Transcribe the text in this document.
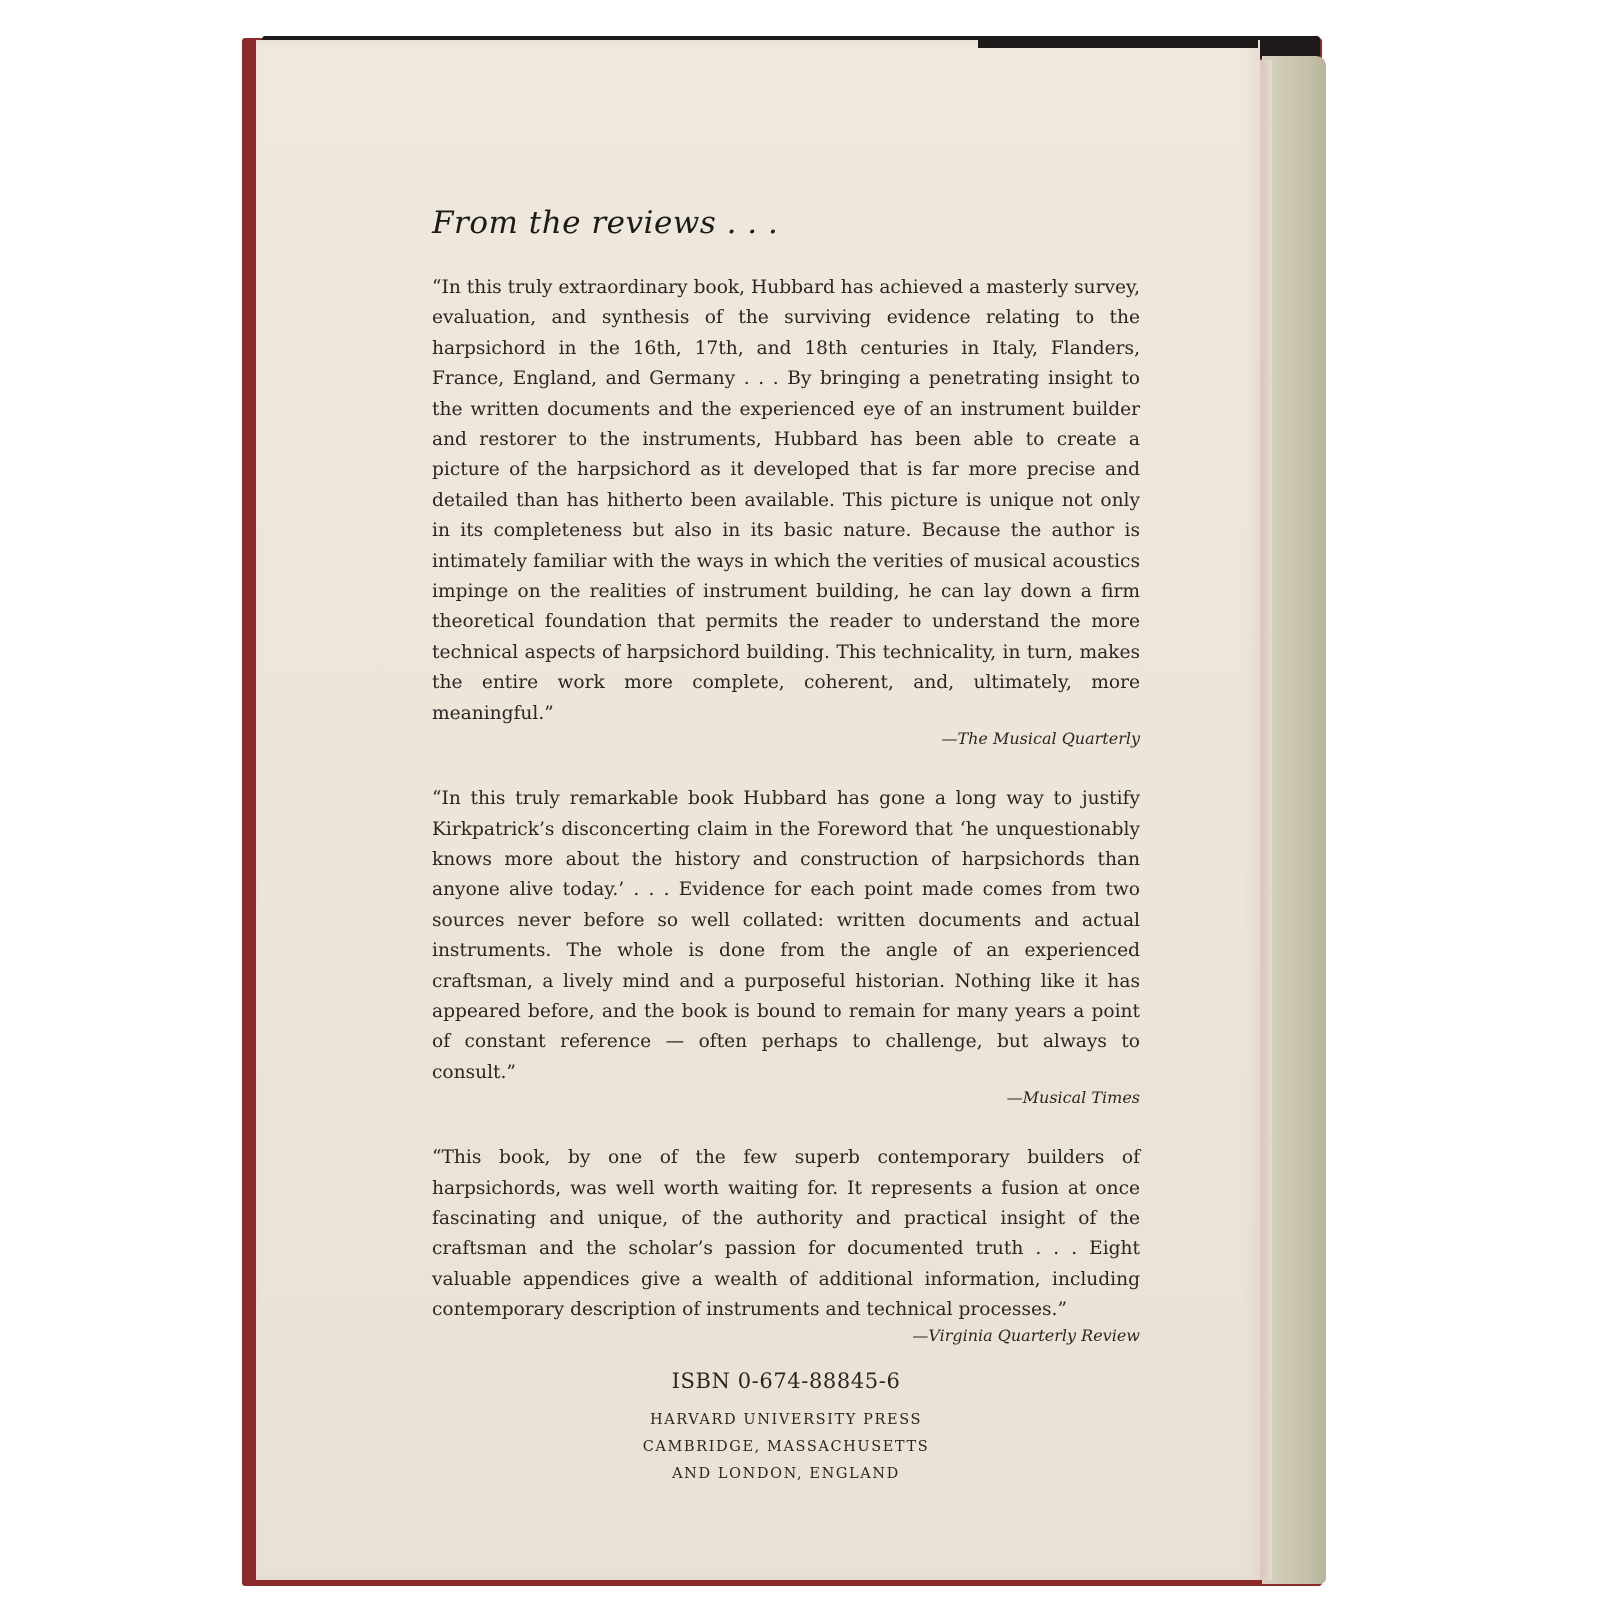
From the reviews . . .

“In this truly extraordinary book, Hubbard has achieved a masterly survey, evaluation, and synthesis of the surviving evidence relating to the harpsichord in the 16th, 17th, and 18th centuries in Italy, Flanders, France, England, and Germany . . . By bringing a penetrating insight to the written documents and the experienced eye of an instrument builder and restorer to the instruments, Hubbard has been able to create a picture of the harpsichord as it developed that is far more precise and detailed than has hitherto been available. This picture is unique not only in its completeness but also in its basic nature. Because the author is intimately familiar with the ways in which the verities of musical acoustics impinge on the realities of instrument building, he can lay down a firm theoretical foundation that permits the reader to understand the more technical aspects of harpsichord building. This technicality, in turn, makes the entire work more complete, coherent, and, ultimately, more meaningful.”

—The Musical Quarterly

“In this truly remarkable book Hubbard has gone a long way to justify Kirkpatrick’s disconcerting claim in the Foreword that ‘he unquestionably knows more about the history and construction of harpsichords than anyone alive today.’ . . . Evidence for each point made comes from two sources never before so well collated: written documents and actual instruments. The whole is done from the angle of an experienced craftsman, a lively mind and a purposeful historian. Nothing like it has appeared before, and the book is bound to remain for many years a point of constant reference — often perhaps to challenge, but always to consult.”

—Musical Times

“This book, by one of the few superb contemporary builders of harpsichords, was well worth waiting for. It represents a fusion at once fascinating and unique, of the authority and practical insight of the craftsman and the scholar’s passion for documented truth . . . Eight valuable appendices give a wealth of additional information, including contemporary description of instruments and technical processes.”

—Virginia Quarterly Review
ISBN 0-674-88845-6
HARVARD UNIVERSITY PRESS
CAMBRIDGE, MASSACHUSETTS
AND LONDON, ENGLAND
